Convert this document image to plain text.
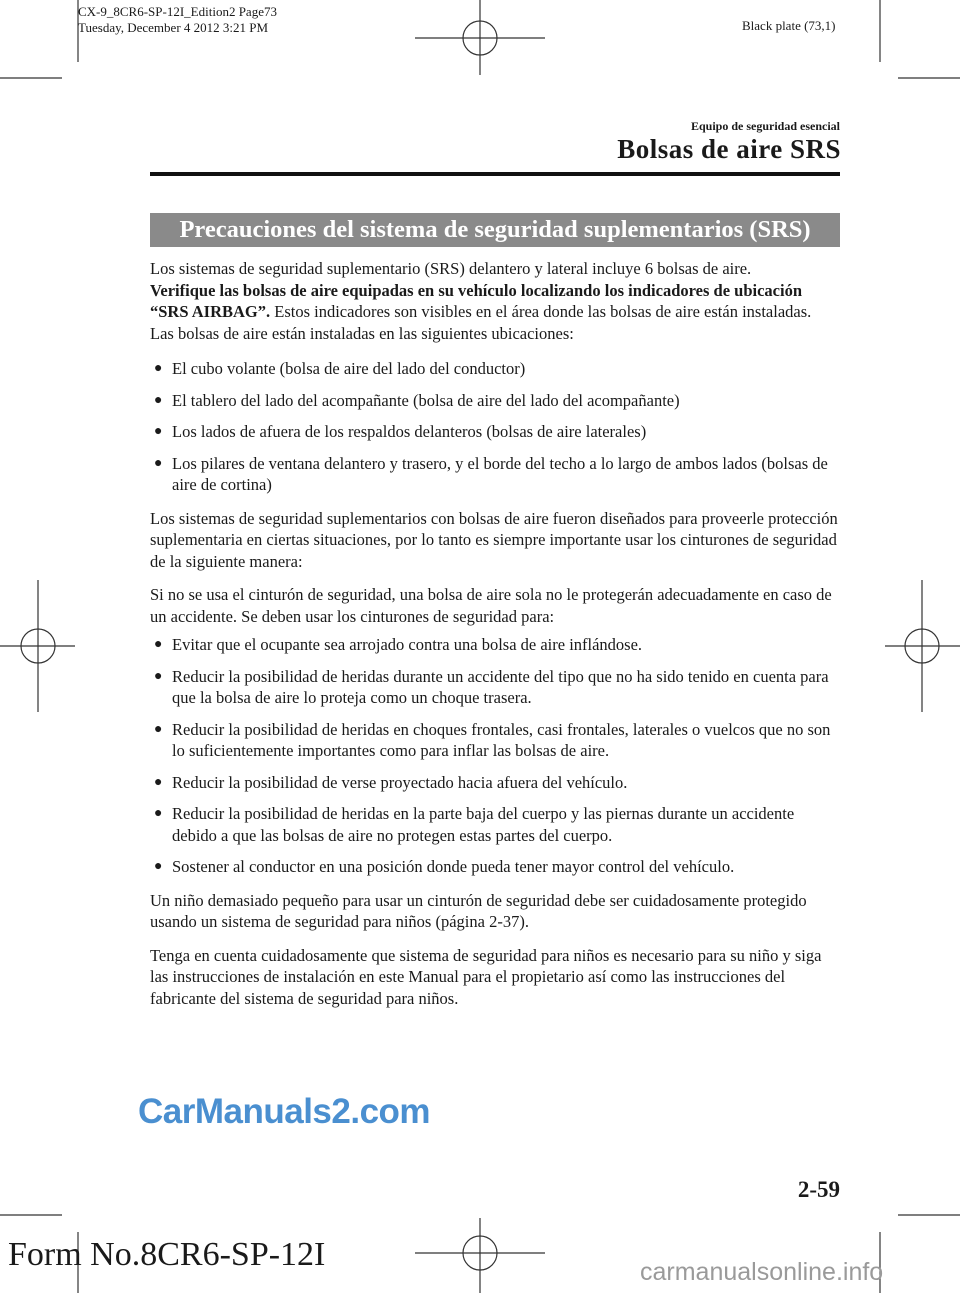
CX-9_8CR6-SP-12I_Edition2 Page73
Tuesday, December 4 2012 3:21 PM	Black plate (73,1)
Equipo de seguridad esencial
Bolsas de aire SRS
Precauciones del sistema de seguridad suplementarios (SRS)

Los sistemas de seguridad suplementario (SRS) delantero y lateral incluye 6 bolsas de aire.
Verifique las bolsas de aire equipadas en su vehículo localizando los indicadores de ubicación “SRS AIRBAG”. Estos indicadores son visibles en el área donde las bolsas de aire están instaladas.

Las bolsas de aire están instaladas en las siguientes ubicaciones:

● El cubo volante (bolsa de aire del lado del conductor)
● El tablero del lado del acompañante (bolsa de aire del lado del acompañante)
● Los lados de afuera de los respaldos delanteros (bolsas de aire laterales)
● Los pilares de ventana delantero y trasero, y el borde del techo a lo largo de ambos lados (bolsas de aire de cortina)

Los sistemas de seguridad suplementarios con bolsas de aire fueron diseñados para proveerle protección suplementaria en ciertas situaciones, por lo tanto es siempre importante usar los cinturones de seguridad de la siguiente manera:

Si no se usa el cinturón de seguridad, una bolsa de aire sola no le protegerán adecuadamente en caso de un accidente. Se deben usar los cinturones de seguridad para:

● Evitar que el ocupante sea arrojado contra una bolsa de aire inflándose.
● Reducir la posibilidad de heridas durante un accidente del tipo que no ha sido tenido en cuenta para que la bolsa de aire lo proteja como un choque trasera.
● Reducir la posibilidad de heridas en choques frontales, casi frontales, laterales o vuelcos que no son lo suficientemente importantes como para inflar las bolsas de aire.
● Reducir la posibilidad de verse proyectado hacia afuera del vehículo.
● Reducir la posibilidad de heridas en la parte baja del cuerpo y las piernas durante un accidente debido a que las bolsas de aire no protegen estas partes del cuerpo.
● Sostener al conductor en una posición donde pueda tener mayor control del vehículo.

Un niño demasiado pequeño para usar un cinturón de seguridad debe ser cuidadosamente protegido usando un sistema de seguridad para niños (página 2-37).

Tenga en cuenta cuidadosamente que sistema de seguridad para niños es necesario para su niño y siga las instrucciones de instalación en este Manual para el propietario así como las instrucciones del fabricante del sistema de seguridad para niños.

CarManuals2.com
2-59
Form No.8CR6-SP-12I	carmanualsonline.info
